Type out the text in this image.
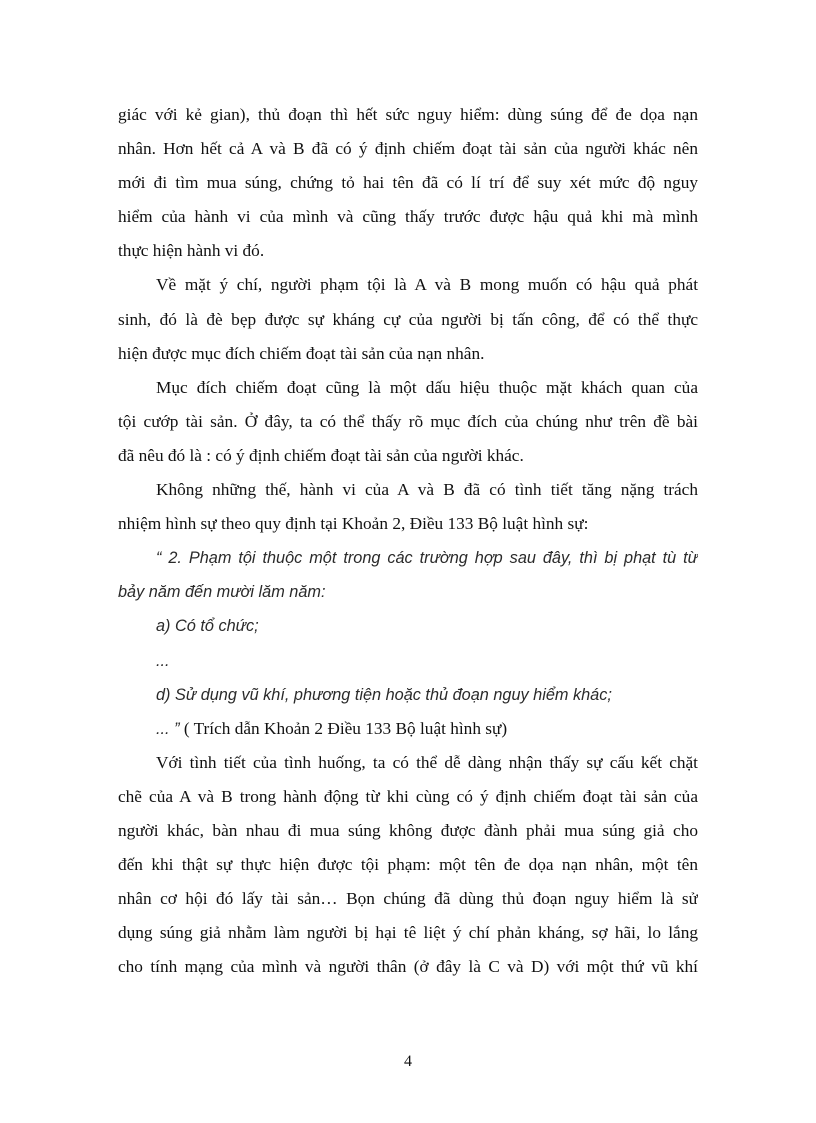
giác với kẻ gian), thủ đoạn thì hết sức nguy hiểm: dùng súng để đe dọa nạn
nhân. Hơn hết cả A và B đã có ý định chiếm đoạt tài sản của người khác nên
mới đi tìm mua súng, chứng tỏ hai tên đã có lí trí để suy xét mức độ nguy
hiểm của hành vi của mình và cũng thấy trước được hậu quả khi mà mình
thực hiện hành vi đó.
Về mặt ý chí, người phạm tội là A và B mong muốn có hậu quả phát
sinh, đó là đè bẹp được sự kháng cự của người bị tấn công, để có thể thực
hiện được mục đích chiếm đoạt tài sản của nạn nhân.
Mục đích chiếm đoạt cũng là một dấu hiệu thuộc mặt khách quan của
tội cướp tài sản. Ở đây, ta có thể thấy rõ mục đích của chúng như trên đề bài
đã nêu đó là : có ý định chiếm đoạt tài sản của người khác.
Không những thế, hành vi của A và B đã có tình tiết tăng nặng trách
nhiệm hình sự theo quy định tại Khoản 2, Điều 133 Bộ luật hình sự:
“ 2. Phạm tội thuộc một trong các trường hợp sau đây, thì bị phạt tù từ
bảy năm đến mười lăm năm:
a) Có tổ chức;
...
d) Sử dụng vũ khí, phương tiện hoặc thủ đoạn nguy hiểm khác;
... ” ( Trích dẫn Khoản 2 Điều 133 Bộ luật hình sự)
Với tình tiết của tình huống, ta có thể dễ dàng nhận thấy sự cấu kết chặt
chẽ của A và B trong hành động từ khi cùng có ý định chiếm đoạt tài sản của
người khác, bàn nhau đi mua súng không được đành phải mua súng giả cho
đến khi thật sự thực hiện được tội phạm: một tên đe dọa nạn nhân, một tên
nhân cơ hội đó lấy tài sản… Bọn chúng đã dùng thủ đoạn nguy hiểm là sử
dụng súng giả nhằm làm người bị hại tê liệt ý chí phản kháng, sợ hãi, lo lắng
cho tính mạng của mình và người thân (ở đây là C và D) với một thứ vũ khí
4
